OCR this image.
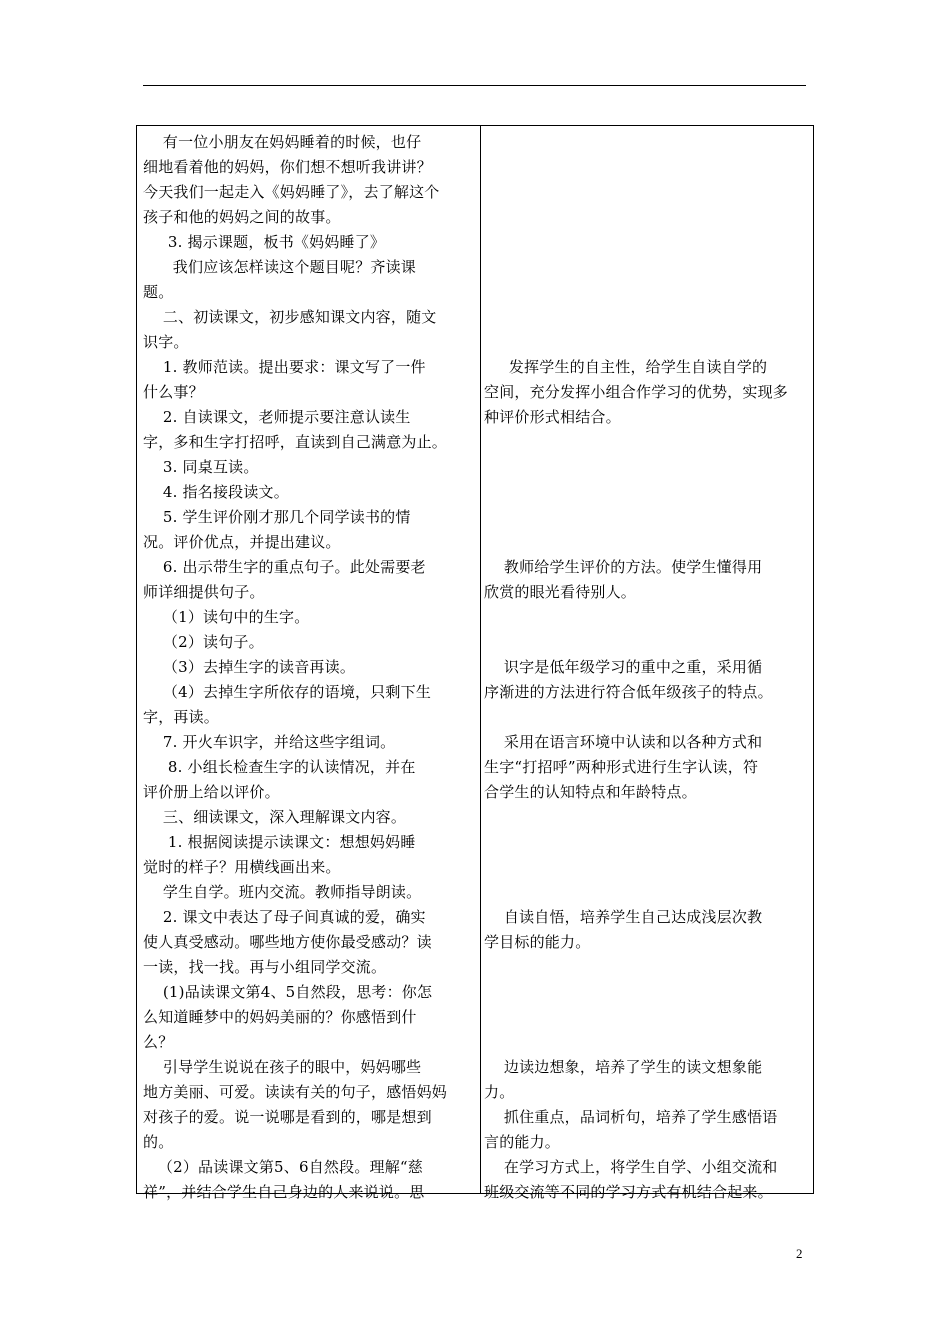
有一位小朋友在妈妈睡着的时候，也仔
细地看着他的妈妈，你们想不想听我讲讲？
今天我们一起走入《妈妈睡了》，去了解这个
孩子和他的妈妈之间的故事。
3. 揭示课题，板书《妈妈睡了》
我们应该怎样读这个题目呢？齐读课
题。
二、初读课文，初步感知课文内容，随文
识字。
1. 教师范读。提出要求：课文写了一件
什么事？
2. 自读课文，老师提示要注意认读生
字，多和生字打招呼，直读到自己满意为止。
3. 同桌互读。
4. 指名接段读文。
5. 学生评价刚才那几个同学读书的情
况。评价优点，并提出建议。
6. 出示带生字的重点句子。此处需要老
师详细提供句子。
（1）读句中的生字。
（2）读句子。
（3）去掉生字的读音再读。
（4）去掉生字所依存的语境，只剩下生
字，再读。
7. 开火车识字，并给这些字组词。
8. 小组长检查生字的认读情况，并在
评价册上给以评价。
三、细读课文，深入理解课文内容。
1. 根据阅读提示读课文：想想妈妈睡
觉时的样子？用横线画出来。
学生自学。班内交流。教师指导朗读。
2. 课文中表达了母子间真诚的爱，确实
使人真受感动。哪些地方使你最受感动？读
一读，找一找。再与小组同学交流。
(1)品读课文第4、5自然段，思考：你怎
么知道睡梦中的妈妈美丽的？你感悟到什
么？
引导学生说说在孩子的眼中，妈妈哪些
地方美丽、可爱。读读有关的句子，感悟妈妈
对孩子的爱。说一说哪是看到的，哪是想到
的。
（2）品读课文第5、6自然段。理解“慈
祥”，并结合学生自己身边的人来说说。思
发挥学生的自主性，给学生自读自学的
空间，充分发挥小组合作学习的优势，实现多
种评价形式相结合。
教师给学生评价的方法。使学生懂得用
欣赏的眼光看待别人。
识字是低年级学习的重中之重，采用循
序渐进的方法进行符合低年级孩子的特点。
采用在语言环境中认读和以各种方式和
生字“打招呼”两种形式进行生字认读，符
合学生的认知特点和年龄特点。
自读自悟，培养学生自己达成浅层次教
学目标的能力。
边读边想象，培养了学生的读文想象能
力。
抓住重点，品词析句，培养了学生感悟语
言的能力。
在学习方式上，将学生自学、小组交流和
班级交流等不同的学习方式有机结合起来。
2
